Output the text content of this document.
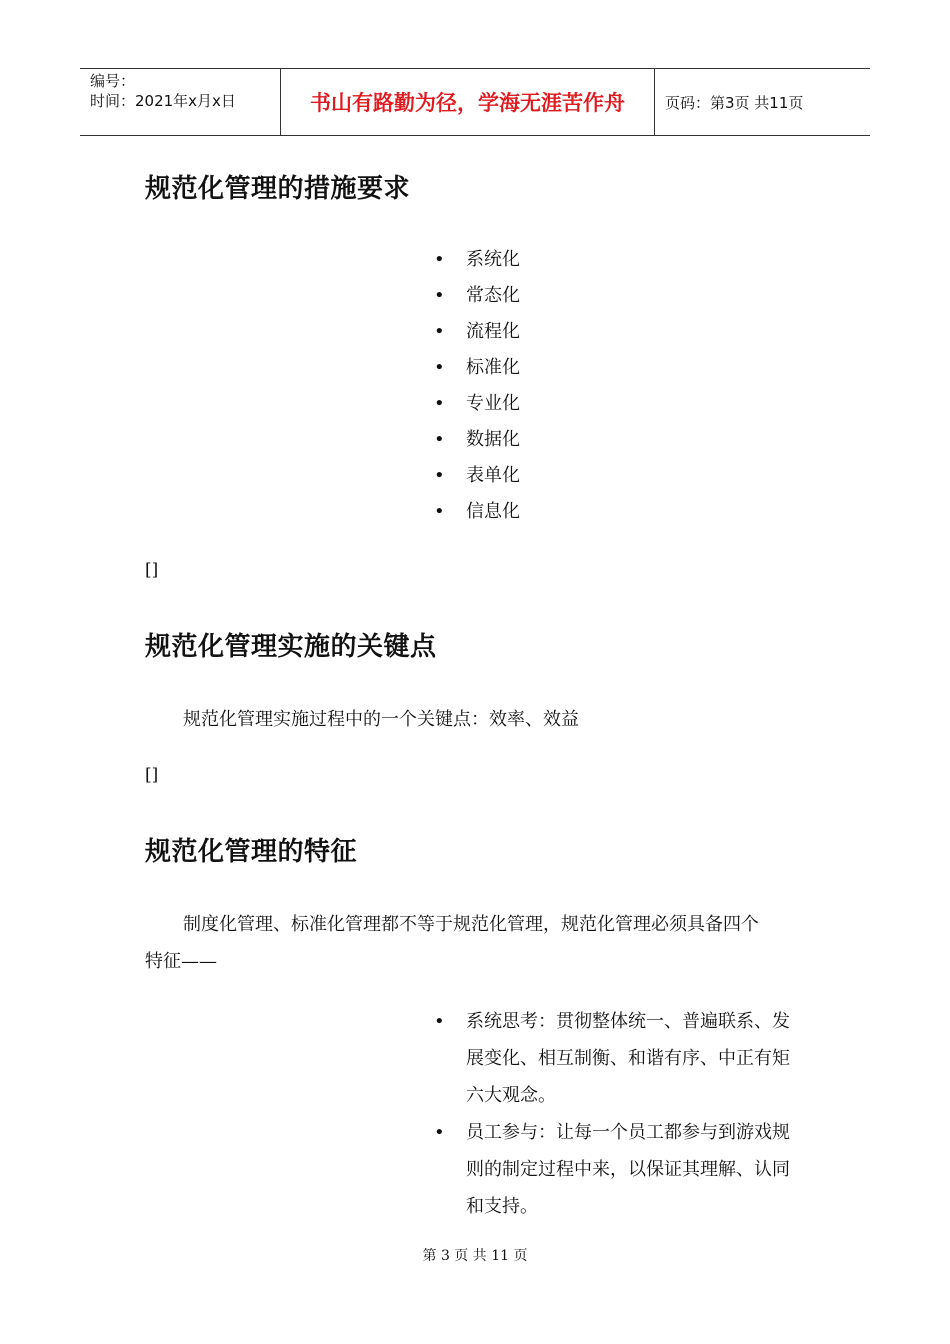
编号：
时间：2021年x月x日	书山有路勤为径，学海无涯苦作舟	页码：第3页 共11页
规范化管理的措施要求
• 系统化
• 常态化
• 流程化
• 标准化
• 专业化
• 数据化
• 表单化
• 信息化
[]
规范化管理实施的关键点

规范化管理实施过程中的一个关键点：效率、效益

[]
规范化管理的特征

制度化管理、标准化管理都不等于规范化管理，规范化管理必须具备四个

特征——

• 系统思考：贯彻整体统一、普遍联系、发展变化、相互制衡、和谐有序、中正有矩六大观念。
• 员工参与：让每一个员工都参与到游戏规则的制定过程中来，以保证其理解、认同和支持。
第 3 页 共 11 页
